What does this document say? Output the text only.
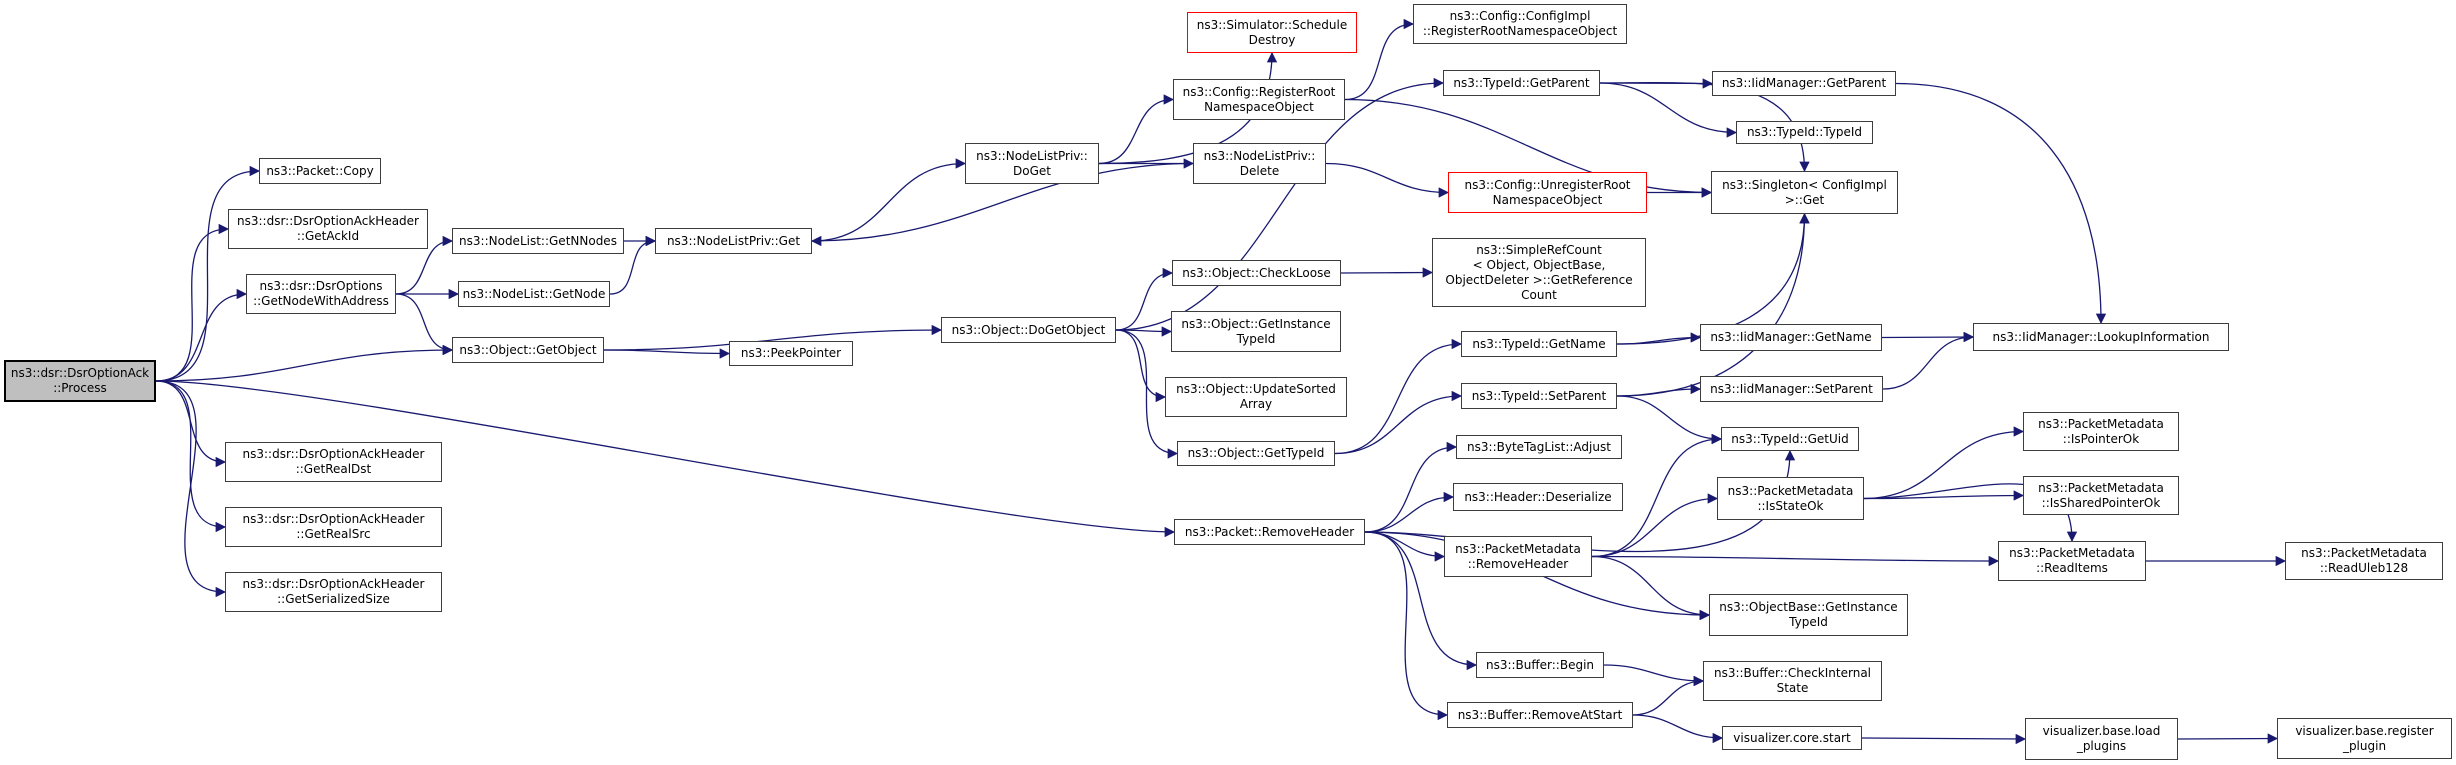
ns3::dsr::DsrOptionAck
::Process
ns3::Packet::Copy
ns3::dsr::DsrOptionAckHeader
::GetAckId
ns3::dsr::DsrOptions
::GetNodeWithAddress
ns3::dsr::DsrOptionAckHeader
::GetRealDst
ns3::dsr::DsrOptionAckHeader
::GetRealSrc
ns3::dsr::DsrOptionAckHeader
::GetSerializedSize
ns3::NodeList::GetNNodes
ns3::NodeList::GetNode
ns3::Object::GetObject	ns3::PeekPointer
ns3::NodeListPriv::Get
ns3::NodeListPriv::
DoGet
ns3::Object::DoGetObject
ns3::Simulator::Schedule
Destroy
ns3::Config::RegisterRoot
NamespaceObject
ns3::NodeListPriv::
Delete
ns3::Object::CheckLoose
ns3::Object::GetInstance
TypeId
ns3::Object::UpdateSorted
Array
ns3::Object::GetTypeId
ns3::Packet::RemoveHeader
ns3::Config::ConfigImpl
::RegisterRootNamespaceObject
ns3::TypeId::GetParent
ns3::Config::UnregisterRoot
NamespaceObject
ns3::SimpleRefCount
< Object, ObjectBase,
ObjectDeleter >::GetReference
Count
ns3::TypeId::GetName
ns3::TypeId::SetParent
ns3::ByteTagList::Adjust
ns3::Header::Deserialize
ns3::PacketMetadata
::RemoveHeader
ns3::Buffer::Begin
ns3::Buffer::RemoveAtStart
ns3::IidManager::GetParent
ns3::TypeId::TypeId
ns3::Singleton< ConfigImpl
>::Get
ns3::IidManager::GetName
ns3::IidManager::SetParent
ns3::TypeId::GetUid
ns3::PacketMetadata
::IsStateOk
ns3::ObjectBase::GetInstance
TypeId
ns3::Buffer::CheckInternal
State
visualizer.core.start
ns3::IidManager::LookupInformation
ns3::PacketMetadata
::IsPointerOk
ns3::PacketMetadata
::IsSharedPointerOk
ns3::PacketMetadata
::ReadItems
ns3::PacketMetadata
::ReadUleb128
visualizer.base.load
_plugins
visualizer.base.register
_plugin
